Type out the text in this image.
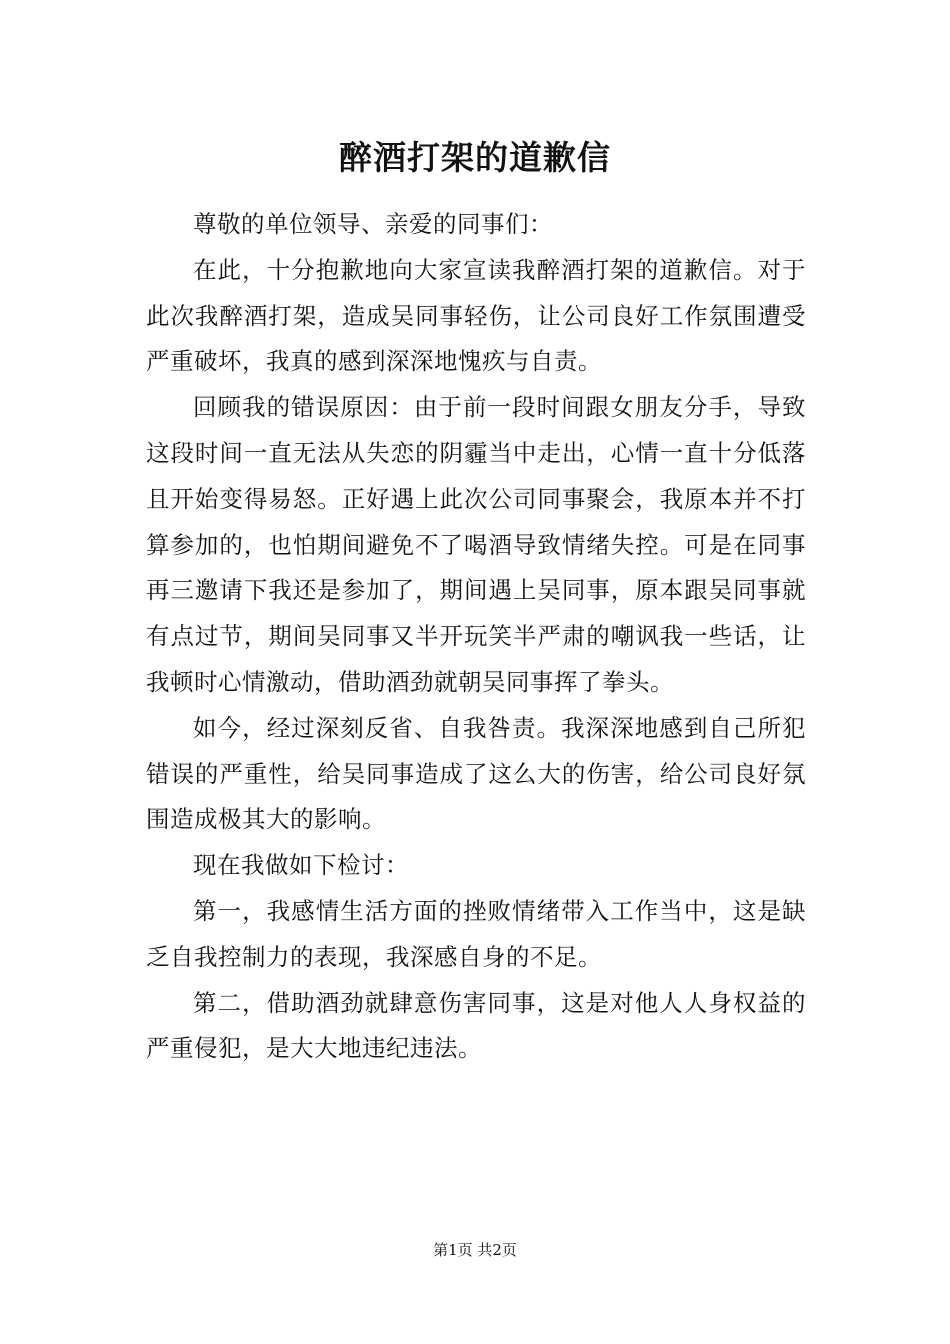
醉酒打架的道歉信

尊敬的单位领导、亲爱的同事们：

在此，十分抱歉地向大家宣读我醉酒打架的道歉信。对于此次我醉酒打架，造成吴同事轻伤，让公司良好工作氛围遭受严重破坏，我真的感到深深地愧疚与自责。

回顾我的错误原因：由于前一段时间跟女朋友分手，导致这段时间一直无法从失恋的阴霾当中走出，心情一直十分低落且开始变得易怒。正好遇上此次公司同事聚会，我原本并不打算参加的，也怕期间避免不了喝酒导致情绪失控。可是在同事再三邀请下我还是参加了，期间遇上吴同事，原本跟吴同事就有点过节，期间吴同事又半开玩笑半严肃的嘲讽我一些话，让我顿时心情激动，借助酒劲就朝吴同事挥了拳头。

如今，经过深刻反省、自我咎责。我深深地感到自己所犯错误的严重性，给吴同事造成了这么大的伤害，给公司良好氛围造成极其大的影响。

现在我做如下检讨：

第一，我感情生活方面的挫败情绪带入工作当中，这是缺乏自我控制力的表现，我深感自身的不足。

第二，借助酒劲就肆意伤害同事，这是对他人人身权益的严重侵犯，是大大地违纪违法。

第1页 共2页
